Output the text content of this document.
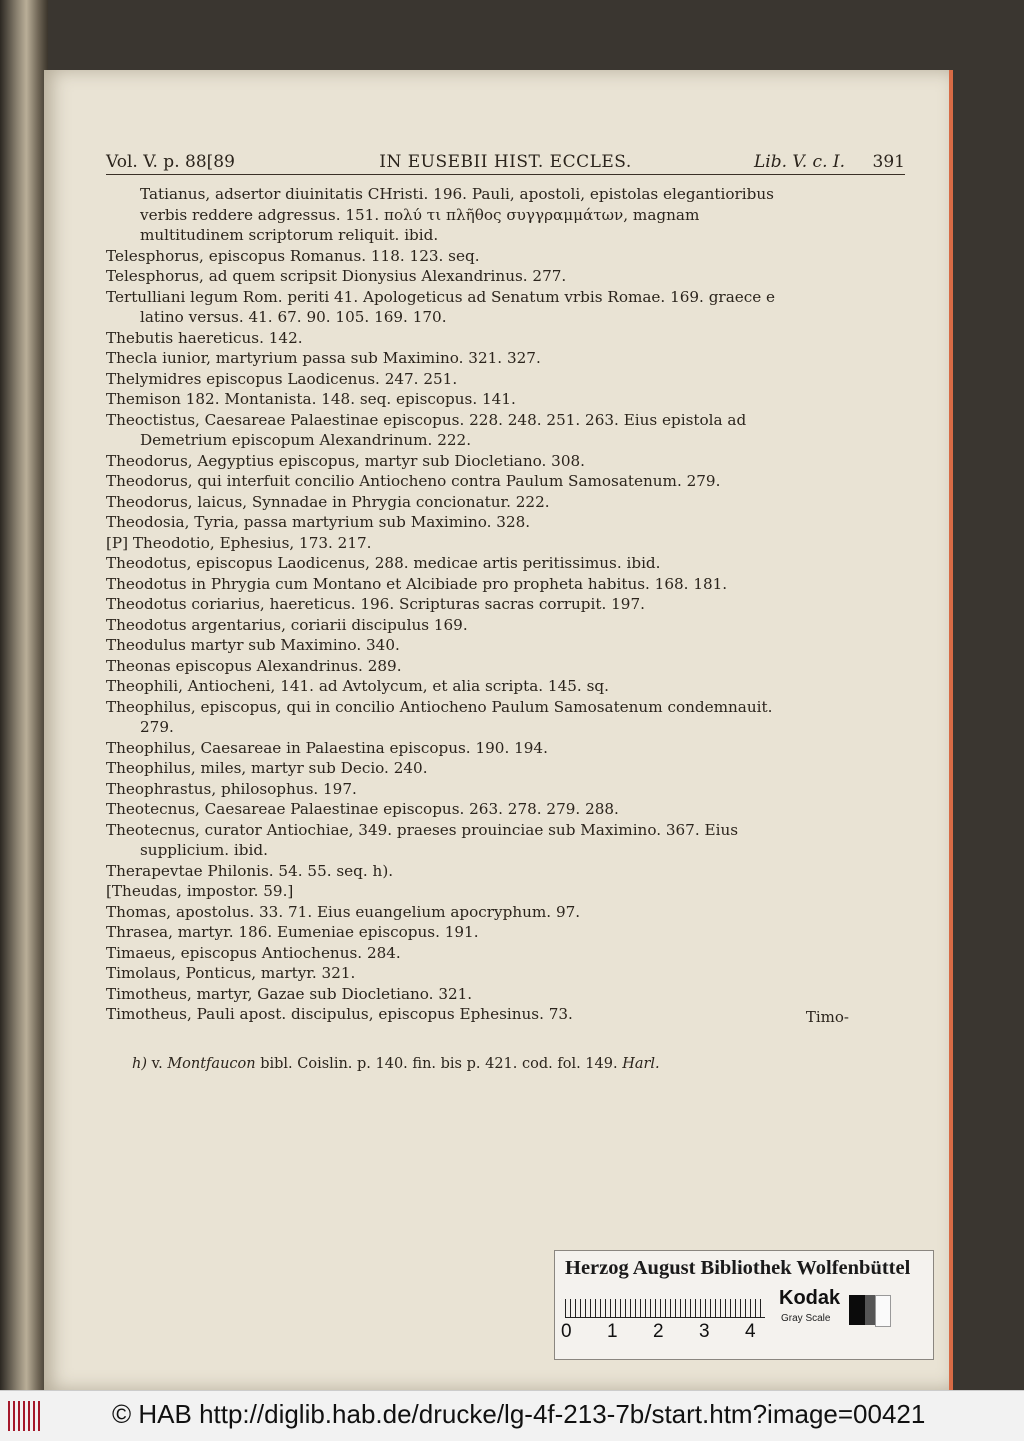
Vol. V. p. 88[89	IN EUSEBII HIST. ECCLES.	Lib. V. c. I. 391

Tatianus, adsertor diuinitatis CHristi. 196. Pauli, apostoli, epistolas elegantioribus verbis reddere adgressus. 151. πολύ τι πλῆθος συγγραμμάτων, magnam multitudinem scriptorum reliquit. ibid.

Telesphorus, episcopus Romanus. 118. 123. seq.

Telesphorus, ad quem scripsit Dionysius Alexandrinus. 277.

Tertulliani legum Rom. periti 41. Apologeticus ad Senatum vrbis Romae. 169. graece e latino versus. 41. 67. 90. 105. 169. 170.

Thebutis haereticus. 142.

Thecla iunior, martyrium passa sub Maximino. 321. 327.

Thelymidres episcopus Laodicenus. 247. 251.

Themison 182. Montanista. 148. seq. episcopus. 141.

Theoctistus, Caesareae Palaestinae episcopus. 228. 248. 251. 263. Eius epistola ad Demetrium episcopum Alexandrinum. 222.

Theodorus, Aegyptius episcopus, martyr sub Diocletiano. 308.

Theodorus, qui interfuit concilio Antiocheno contra Paulum Samosatenum. 279.

Theodorus, laicus, Synnadae in Phrygia concionatur. 222.

Theodosia, Tyria, passa martyrium sub Maximino. 328.

[P] Theodotio, Ephesius, 173. 217.

Theodotus, episcopus Laodicenus, 288. medicae artis peritissimus. ibid.

Theodotus in Phrygia cum Montano et Alcibiade pro propheta habitus. 168. 181.

Theodotus coriarius, haereticus. 196. Scripturas sacras corrupit. 197.

Theodotus argentarius, coriarii discipulus 169.

Theodulus martyr sub Maximino. 340.

Theonas episcopus Alexandrinus. 289.

Theophili, Antiocheni, 141. ad Avtolycum, et alia scripta. 145. sq.

Theophilus, episcopus, qui in concilio Antiocheno Paulum Samosatenum condemnauit. 279.

Theophilus, Caesareae in Palaestina episcopus. 190. 194.

Theophilus, miles, martyr sub Decio. 240.

Theophrastus, philosophus. 197.

Theotecnus, Caesareae Palaestinae episcopus. 263. 278. 279. 288.

Theotecnus, curator Antiochiae, 349. praeses prouinciae sub Maximino. 367. Eius supplicium. ibid.

Therapevtae Philonis. 54. 55. seq. h).

[Theudas, impostor. 59.]

Thomas, apostolus. 33. 71. Eius euangelium apocryphum. 97.

Thrasea, martyr. 186. Eumeniae episcopus. 191.

Timaeus, episcopus Antiochenus. 284.

Timolaus, Ponticus, martyr. 321.

Timotheus, martyr, Gazae sub Diocletiano. 321.

Timotheus, Pauli apost. discipulus, episcopus Ephesinus. 73.	Timo-
h) v. Montfaucon bibl. Coislin. p. 140. fin. bis p. 421. cod. fol. 149. Harl.
Herzog August Bibliothek Wolfenbüttel
0 1 2 3 4
Kodak
Gray Scale
© HAB http://diglib.hab.de/drucke/lg-4f-213-7b/start.htm?image=00421
